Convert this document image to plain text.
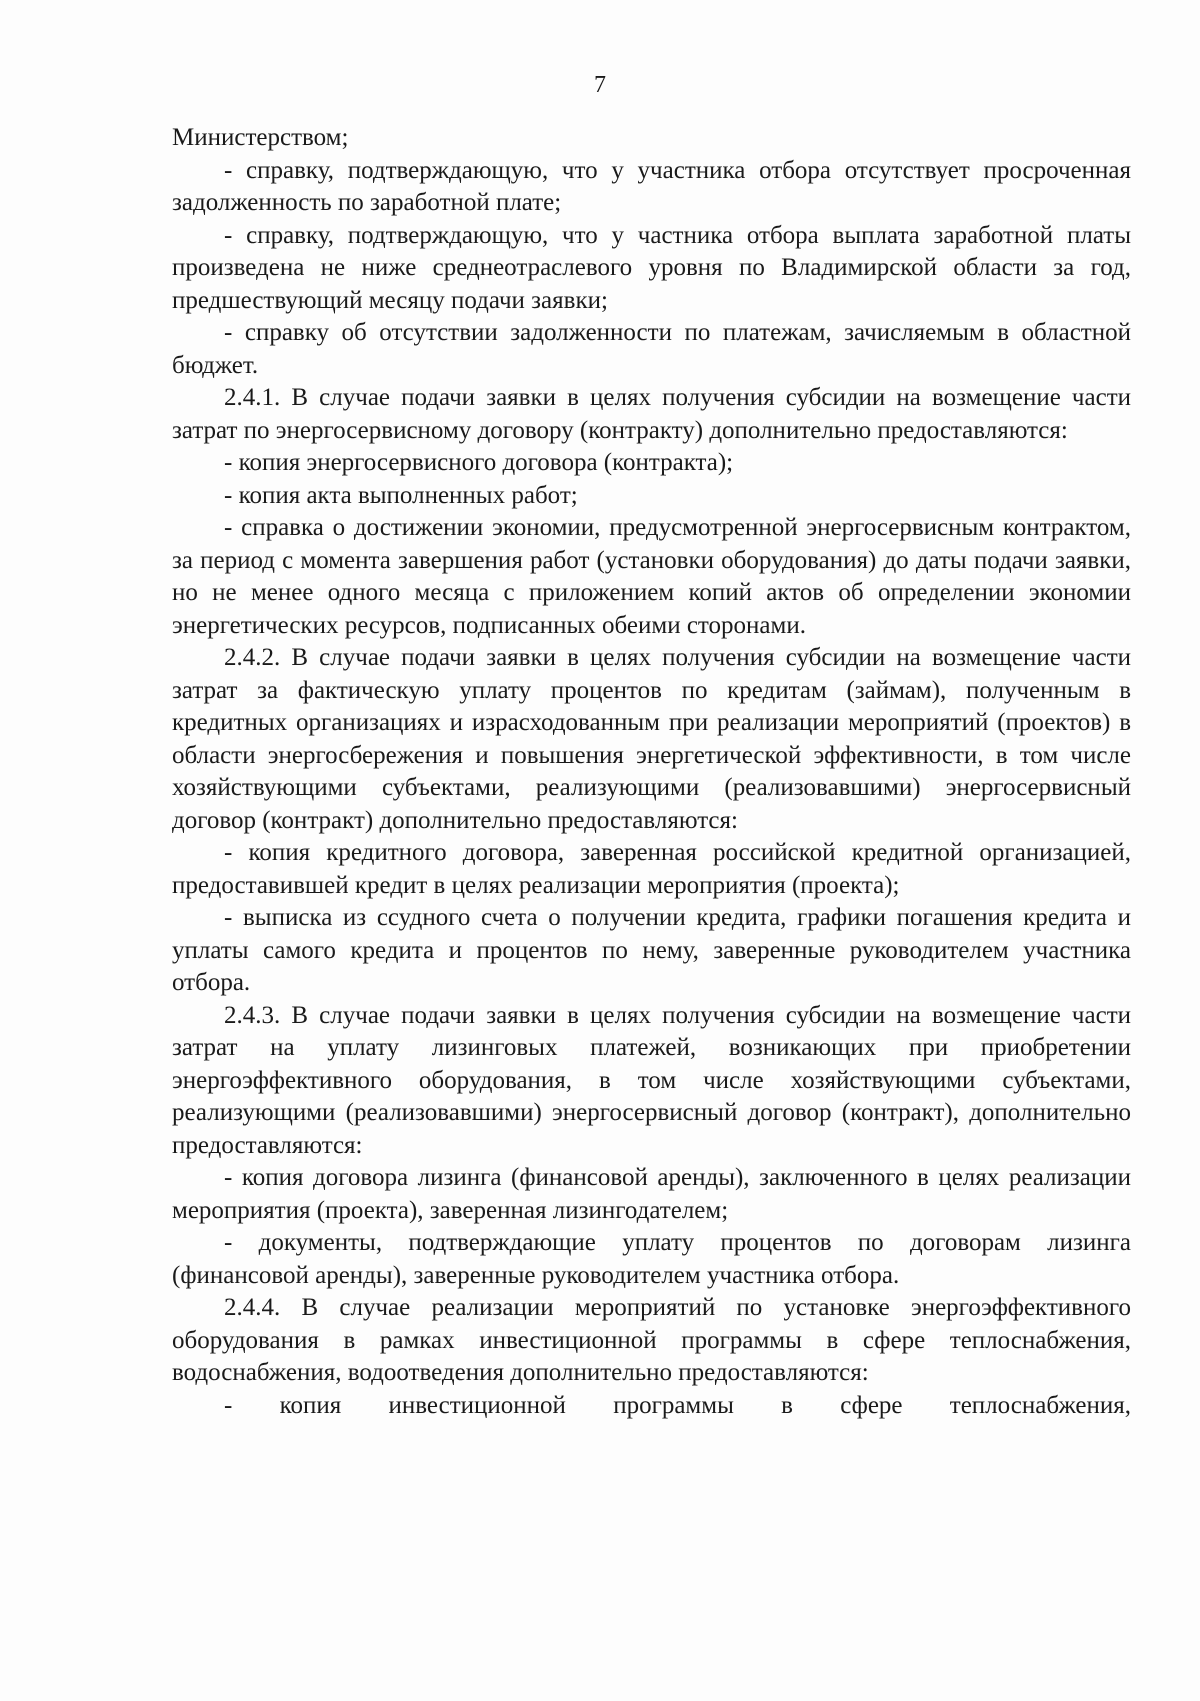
7

Министерством;

- справку, подтверждающую, что у участника отбора отсутствует просроченная задолженность по заработной плате;

- справку, подтверждающую, что у частника отбора выплата заработной платы произведена не ниже среднеотраслевого уровня по Владимирской области за год, предшествующий месяцу подачи заявки;

- справку об отсутствии задолженности по платежам, зачисляемым в областной бюджет.

2.4.1. В случае подачи заявки в целях получения субсидии на возмещение части затрат по энергосервисному договору (контракту) дополнительно предоставляются:

- копия энергосервисного договора (контракта);

- копия акта выполненных работ;

- справка о достижении экономии, предусмотренной энергосервисным контрактом, за период с момента завершения работ (установки оборудования) до даты подачи заявки, но не менее одного месяца с приложением копий актов об определении экономии энергетических ресурсов, подписанных обеими сторонами.

2.4.2. В случае подачи заявки в целях получения субсидии на возмещение части затрат за фактическую уплату процентов по кредитам (займам), полученным в кредитных организациях и израсходованным при реализации мероприятий (проектов) в области энергосбережения и повышения энергетической эффективности, в том числе хозяйствующими субъектами, реализующими (реализовавшими) энергосервисный договор (контракт) дополнительно предоставляются:

- копия кредитного договора, заверенная российской кредитной организацией, предоставившей кредит в целях реализации мероприятия (проекта);

- выписка из ссудного счета о получении кредита, графики погашения кредита и уплаты самого кредита и процентов по нему, заверенные руководителем участника отбора.

2.4.3. В случае подачи заявки в целях получения субсидии на возмещение части затрат на уплату лизинговых платежей, возникающих при приобретении энергоэффективного оборудования, в том числе хозяйствующими субъектами, реализующими (реализовавшими) энергосервисный договор (контракт), дополнительно предоставляются:

- копия договора лизинга (финансовой аренды), заключенного в целях реализации мероприятия (проекта), заверенная лизингодателем;

- документы, подтверждающие уплату процентов по договорам лизинга (финансовой аренды), заверенные руководителем участника отбора.

2.4.4. В случае реализации мероприятий по установке энергоэффективного оборудования в рамках инвестиционной программы в сфере теплоснабжения, водоснабжения, водоотведения дополнительно предоставляются:

- копия инвестиционной программы в сфере теплоснабжения,
